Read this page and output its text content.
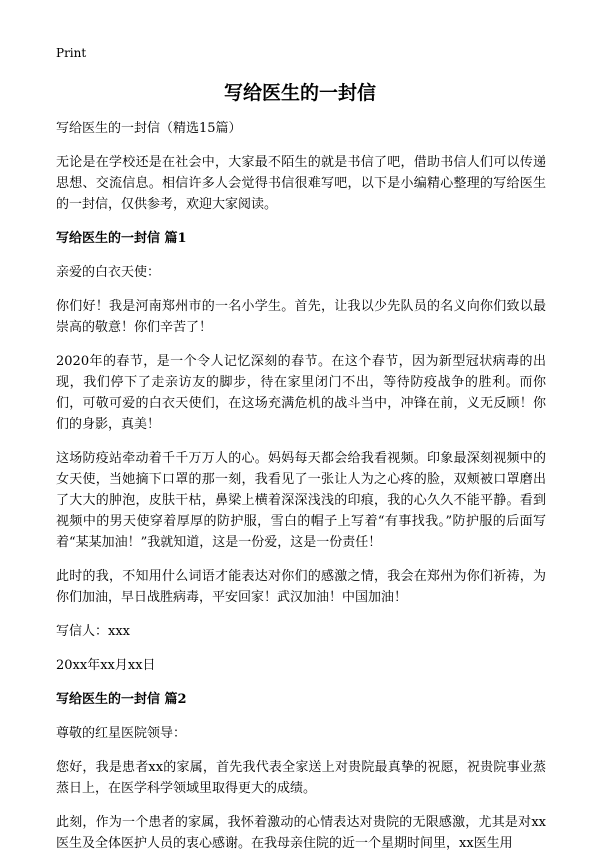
Print
写给医生的一封信

写给医生的一封信（精选15篇）

无论是在学校还是在社会中，大家最不陌生的就是书信了吧，借助书信人们可以传递思想、交流信息。相信许多人会觉得书信很难写吧，以下是小编精心整理的写给医生的一封信，仅供参考，欢迎大家阅读。

写给医生的一封信 篇1

亲爱的白衣天使：

你们好！我是河南郑州市的一名小学生。首先，让我以少先队员的名义向你们致以最崇高的敬意！你们辛苦了！

2020年的春节，是一个令人记忆深刻的春节。在这个春节，因为新型冠状病毒的出现，我们停下了走亲访友的脚步，待在家里闭门不出，等待防疫战争的胜利。而你们，可敬可爱的白衣天使们，在这场充满危机的战斗当中，冲锋在前，义无反顾！你们的身影，真美！

这场防疫站牵动着千千万万人的心。妈妈每天都会给我看视频。印象最深刻视频中的女天使，当她摘下口罩的那一刻，我看见了一张让人为之心疼的脸，双颊被口罩磨出了大大的肿泡，皮肤干枯，鼻梁上横着深深浅浅的印痕，我的心久久不能平静。看到视频中的男天使穿着厚厚的防护服，雪白的帽子上写着“有事找我。”防护服的后面写着“某某加油！”我就知道，这是一份爱，这是一份责任！

此时的我，不知用什么词语才能表达对你们的感激之情，我会在郑州为你们祈祷，为你们加油，早日战胜病毒，平安回家！武汉加油！中国加油！

写信人：xxx

20xx年xx月xx日

写给医生的一封信 篇2

尊敬的红星医院领导：

您好，我是患者xx的家属，首先我代表全家送上对贵院最真挚的祝愿，祝贵院事业蒸蒸日上，在医学科学领域里取得更大的成绩。

此刻，作为一个患者的家属，我怀着激动的心情表达对贵院的无限感激，尤其是对xx医生及全体医护人员的衷心感谢。在我母亲住院的近一个星期时间里，xx医生用
